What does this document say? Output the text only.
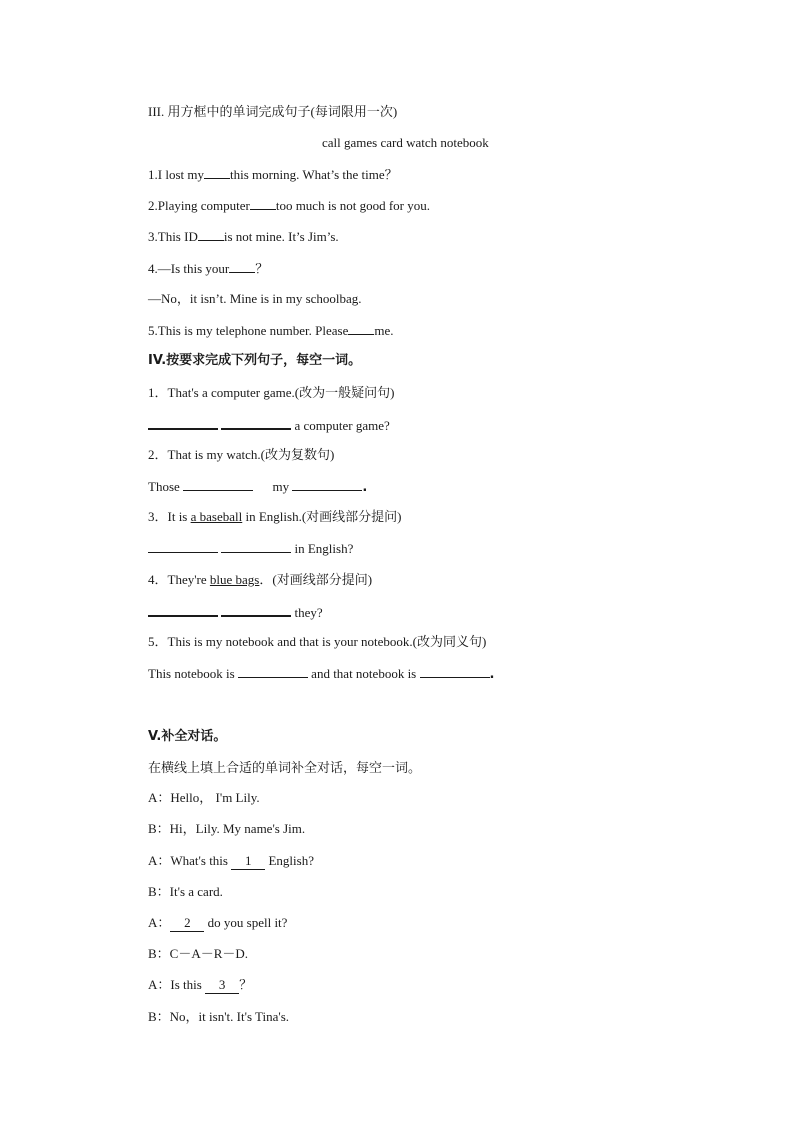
III. 用方框中的单词完成句子(每词限用一次)
call games card watch notebook
1.I lost my this morning. What’s the time？
2.Playing computer too much is not good for you.
3.This ID is not mine. It’s Jim’s.
4.—Is this your ？
—No，it isn’t. Mine is in my schoolbag.
5.This is my telephone number. Please me.
IV.按要求完成下列句子，每空一词。
1．That's a computer game.(改为一般疑问句)
a computer game?
2．That is my watch.(改为复数句)
Those	my	.
3．It is a baseball in English.(对画线部分提问)
in English?
4．They're blue bags．(对画线部分提问)
they?
5．This is my notebook and that is your notebook.(改为同义句)
This notebook is	and that notebook is	.
V.补全对话。
在横线上填上合适的单词补全对话，每空一词。
A：Hello， I'm Lily.
B：Hi，Lily. My name's Jim.
A：What's this 1 English?
B：It's a card.
A： 2 do you spell it?
B：C－A－R－D.
A：Is this 3 ？
B：No，it isn't. It's Tina's.
